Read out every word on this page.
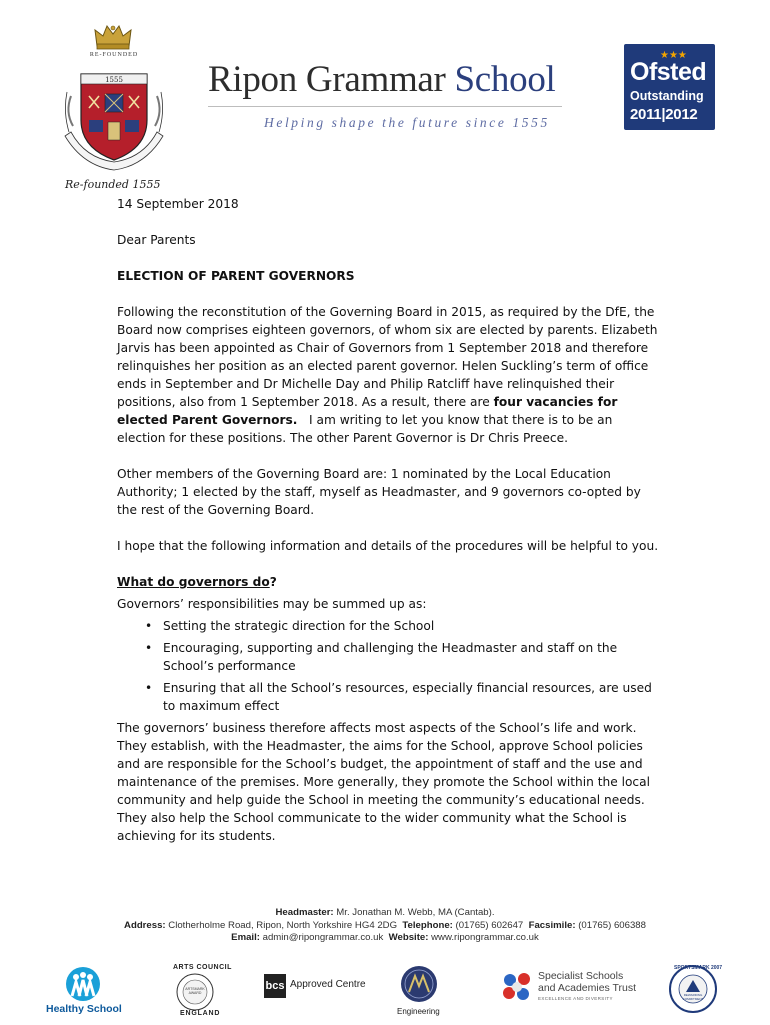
RE-FOUNDED
1555
Re-founded 1555
Ripon Grammar School
Helping shape the future since 1555
★★★
Ofsted
Outstanding
2011|2012

14 September 2018

Dear Parents

ELECTION OF PARENT GOVERNORS

Following the reconstitution of the Governing Board in 2015, as required by the DfE, the Board now comprises eighteen governors, of whom six are elected by parents. Elizabeth Jarvis has been appointed as Chair of Governors from 1 September 2018 and therefore relinquishes her position as an elected parent governor. Helen Suckling’s term of office ends in September and Dr Michelle Day and Philip Ratcliff have relinquished their positions, also from 1 September 2018. As a result, there are four vacancies for elected Parent Governors.   I am writing to let you know that there is to be an election for these positions. The other Parent Governor is Dr Chris Preece.

Other members of the Governing Board are: 1 nominated by the Local Education Authority; 1 elected by the staff, myself as Headmaster, and 9 governors co-opted by the rest of the Governing Board.

I hope that the following information and details of the procedures will be helpful to you.

What do governors do?

Governors’ responsibilities may be summed up as:

• Setting the strategic direction for the School
• Encouraging, supporting and challenging the Headmaster and staff on the School’s performance
• Ensuring that all the School’s resources, especially financial resources, are used to maximum effect

The governors’ business therefore affects most aspects of the School’s life and work. They establish, with the Headmaster, the aims for the School, approve School policies and are responsible for the School’s budget, the appointment of staff and the use and maintenance of the premises. More generally, they promote the School within the local community and help guide the School in meeting the community’s educational needs. They also help the School communicate to the wider community what the School is achieving for its students.

Headmaster: Mr. Jonathan M. Webb, MA (Cantab).
Address: Clotherholme Road, Ripon, North Yorkshire HG4 2DG  Telephone: (01765) 602647  Facsimile: (01765) 606388
Email: admin@ripongrammar.co.uk  Website: www.ripongrammar.co.uk
Healthy School
ARTS COUNCIL
ARTSMARK AWARD
ENGLAND
bcs Approved Centre
Engineering
Specialist Schools
and Academies Trust
EXCELLENCE AND DIVERSITY
SPORTSMARK 2007
REWARDING COMMITMENT
